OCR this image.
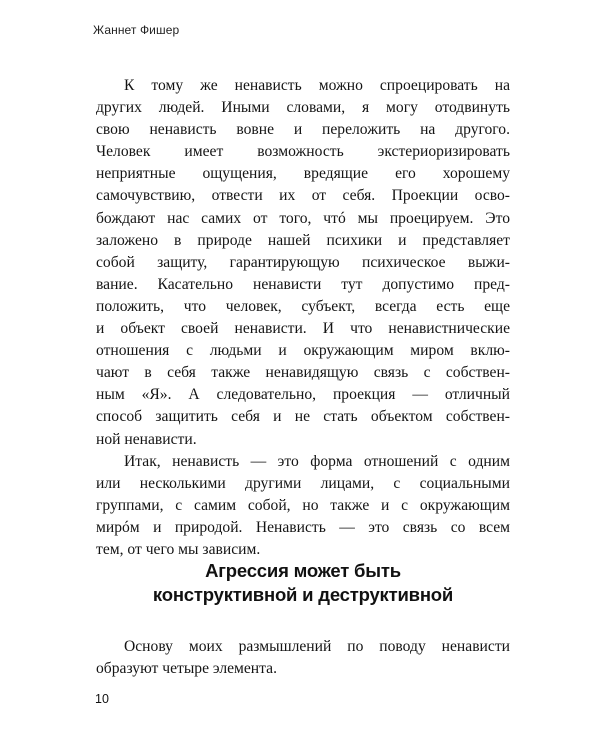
Жаннет Фишер

К тому же ненависть можно спроецировать на
других людей. Иными словами, я могу отодвинуть
свою ненависть вовне и переложить на другого.
Человек имеет возможность экстериоризировать
неприятные ощущения, вредящие его хорошему
самочувствию, отвести их от себя. Проекции осво-
бождают нас самих от того, чтó мы проецируем. Это
заложено в природе нашей психики и представляет
собой защиту, гарантирующую психическое выжи-
вание. Касательно ненависти тут допустимо пред-
положить, что человек, субъект, всегда есть еще
и объект своей ненависти. И что ненавистнические
отношения с людьми и окружающим миром вклю-
чают в себя также ненавидящую связь с собствен-
ным «Я». А следовательно, проекция — отличный
способ защитить себя и не стать объектом собствен-
ной ненависти.

Итак, ненависть — это форма отношений с одним
или несколькими другими лицами, с социальными
группами, с самим собой, но также и с окружающим
мирóм и природой. Ненависть — это связь со всем
тем, от чего мы зависим.

Агрессия может быть
конструктивной и деструктивной

Основу моих размышлений по поводу ненависти
образуют четыре элемента.

10
